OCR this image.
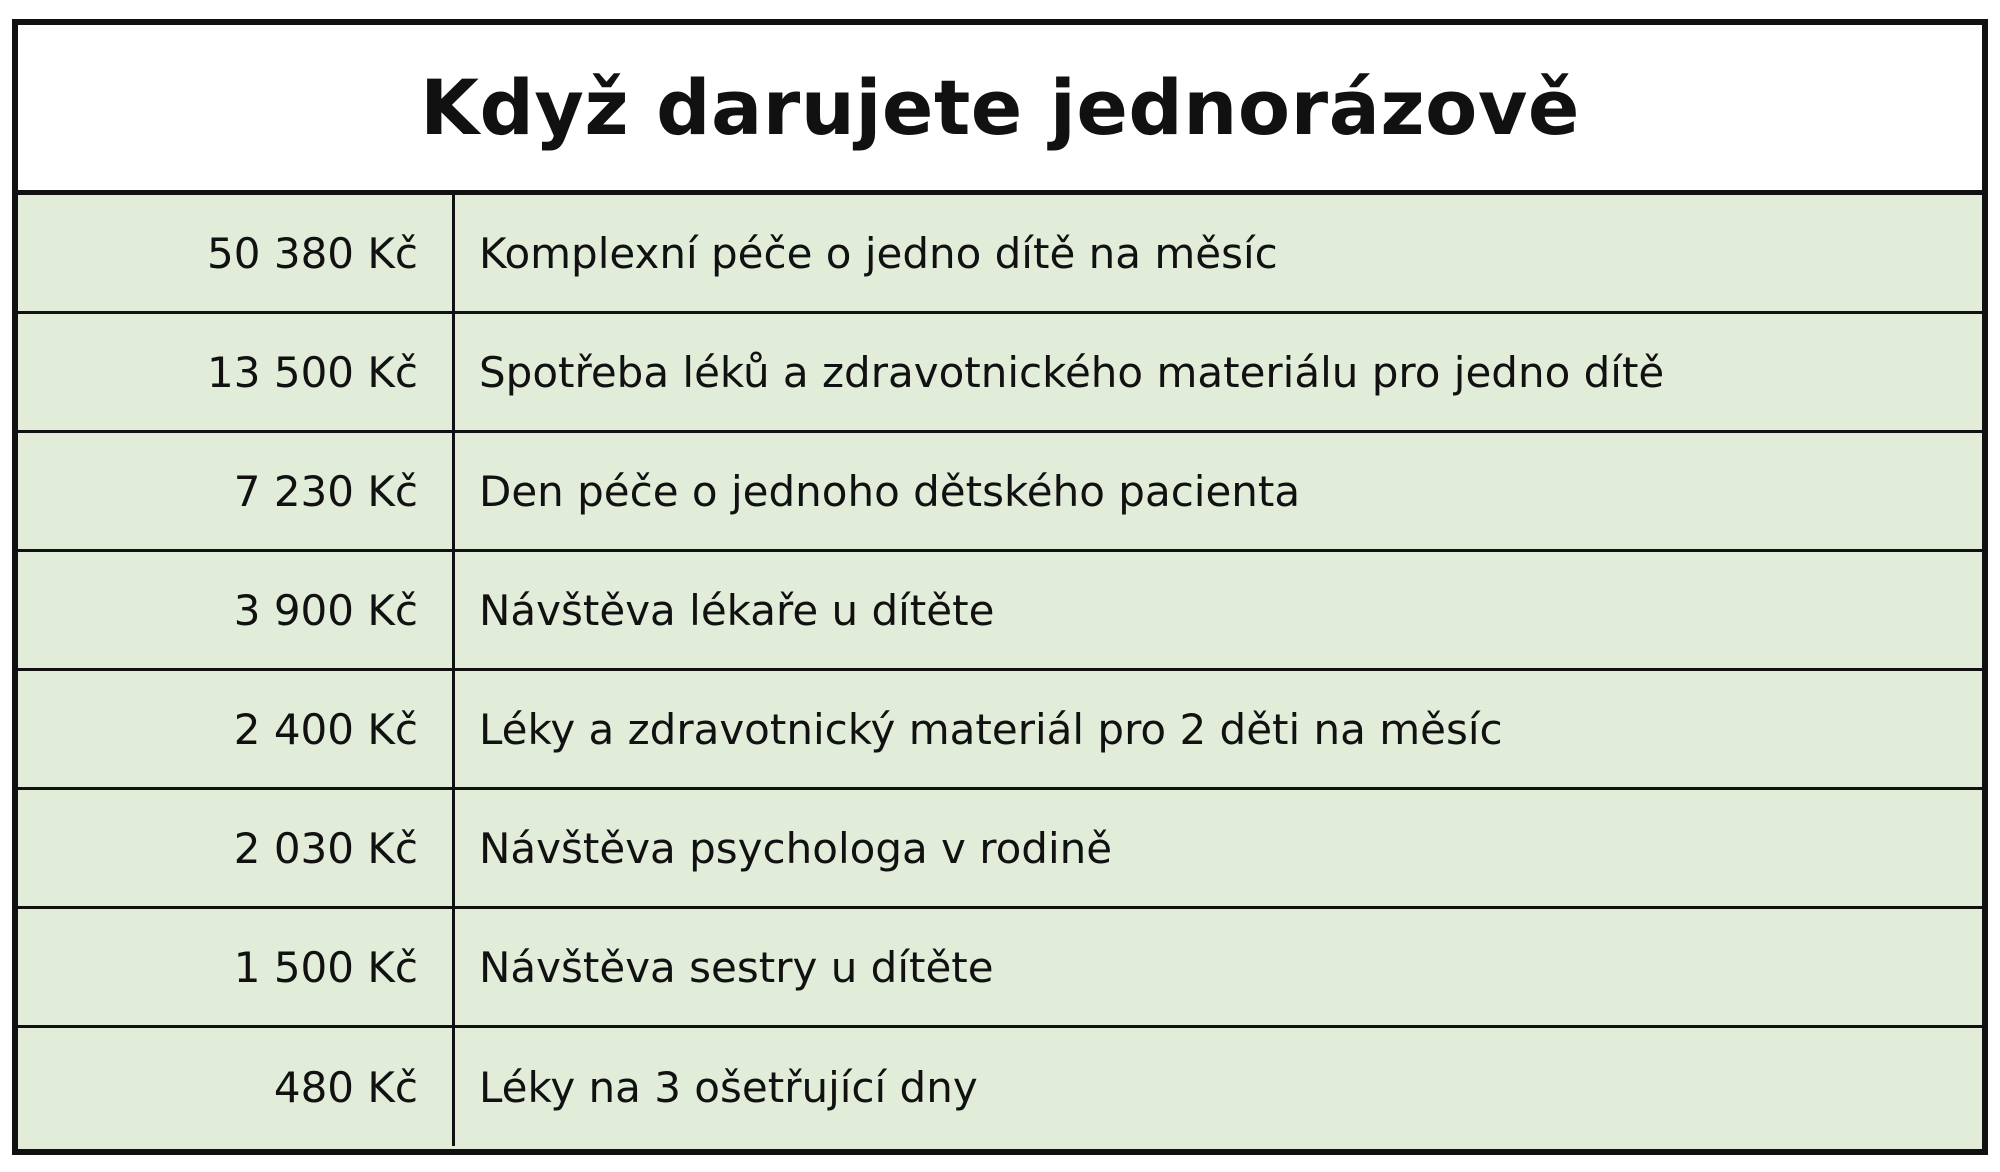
Když darujete jednorázově
50 380 Kč	Komplexní péče o jedno dítě na měsíc
13 500 Kč	Spotřeba léků a zdravotnického materiálu pro jedno dítě
7 230 Kč	Den péče o jednoho dětského pacienta
3 900 Kč	Návštěva lékaře u dítěte
2 400 Kč	Léky a zdravotnický materiál pro 2 děti na měsíc
2 030 Kč	Návštěva psychologa v rodině
1 500 Kč	Návštěva sestry u dítěte
480 Kč	Léky na 3 ošetřující dny
